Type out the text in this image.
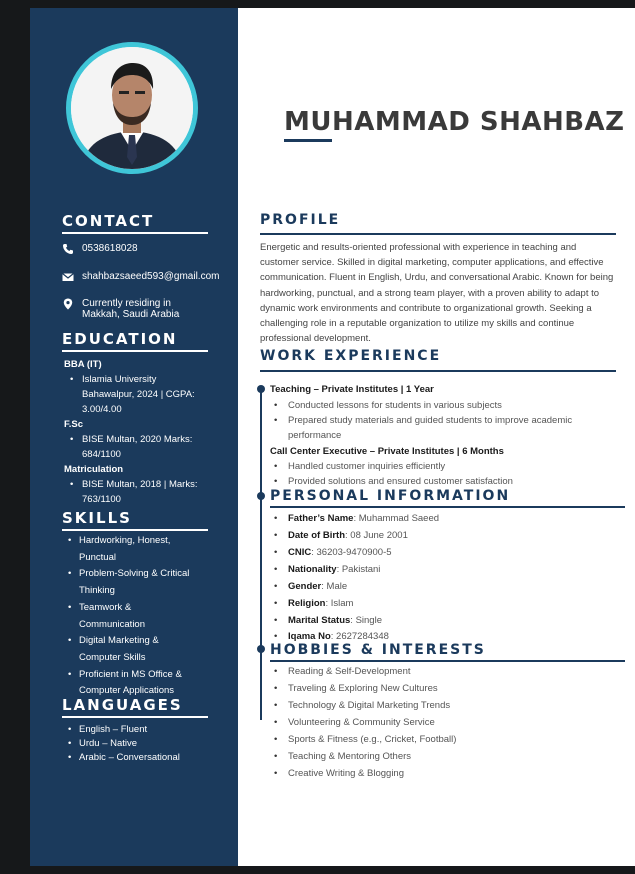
CONTACT
0538618028
shahbazsaeed593@gmail.com
Currently residing in
Makkah, Saudi Arabia
EDUCATION
BBA (IT)
• Islamia University
Bahawalpur, 2024 | CGPA:
3.00/4.00
F.Sc
• BISE Multan, 2020 Marks:
684/1100
Matriculation
• BISE Multan, 2018 | Marks:
763/1100
SKILLS
• Hardworking, Honest,
Punctual
• Problem-Solving & Critical
Thinking
• Teamwork &
Communication
• Digital Marketing &
Computer Skills
• Proficient in MS Office &
Computer Applications
LANGUAGES
• English – Fluent
• Urdu – Native
• Arabic – Conversational
MUHAMMAD SHAHBAZ
PROFILE
Energetic and results-oriented professional with experience in teaching and customer service. Skilled in digital marketing, computer applications, and effective communication. Fluent in English, Urdu, and conversational Arabic. Known for being hardworking, punctual, and a strong team player, with a proven ability to adapt to dynamic work environments and contribute to organizational growth. Seeking a challenging role in a reputable organization to utilize my skills and continue professional development.
WORK EXPERIENCE
Teaching – Private Institutes | 1 Year
•	Conducted lessons for students in various subjects
•	Prepared study materials and guided students to improve academic performance
Call Center Executive – Private Institutes | 6 Months
•	Handled customer inquiries efficiently
•	Provided solutions and ensured customer satisfaction
PERSONAL INFORMATION
•	Father’s Name : Muhammad Saeed
•	Date of Birth : 08 June 2001
•	CNIC : 36203-9470900-5
•	Nationality : Pakistani
•	Gender : Male
•	Religion : Islam
•	Marital Status : Single
•	Iqama No : 2627284348
HOBBIES & INTERESTS
•	Reading & Self-Development
•	Traveling & Exploring New Cultures
•	Technology & Digital Marketing Trends
•	Volunteering & Community Service
•	Sports & Fitness (e.g., Cricket, Football)
•	Teaching & Mentoring Others
•	Creative Writing & Blogging
